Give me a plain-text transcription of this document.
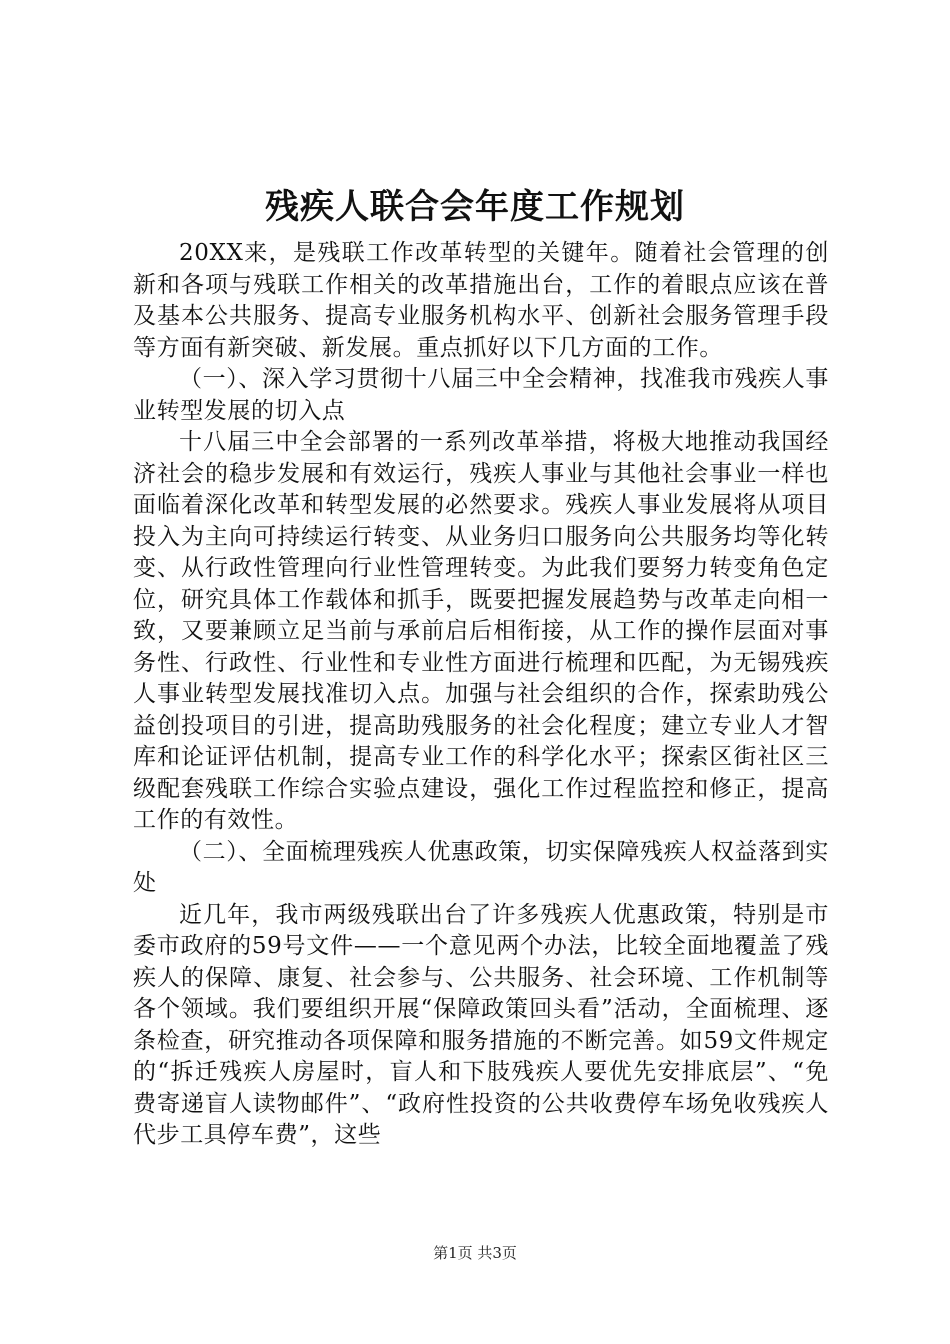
残疾人联合会年度工作规划

20XX来，是残联工作改革转型的关键年。随着社会管理的创新和各项与残联工作相关的改革措施出台，工作的着眼点应该在普及基本公共服务、提高专业服务机构水平、创新社会服务管理手段等方面有新突破、新发展。重点抓好以下几方面的工作。

（一）、深入学习贯彻十八届三中全会精神，找准我市残疾人事业转型发展的切入点

十八届三中全会部署的一系列改革举措，将极大地推动我国经济社会的稳步发展和有效运行，残疾人事业与其他社会事业一样也面临着深化改革和转型发展的必然要求。残疾人事业发展将从项目投入为主向可持续运行转变、从业务归口服务向公共服务均等化转变、从行政性管理向行业性管理转变。为此我们要努力转变角色定位，研究具体工作载体和抓手，既要把握发展趋势与改革走向相一致，又要兼顾立足当前与承前启后相衔接，从工作的操作层面对事务性、行政性、行业性和专业性方面进行梳理和匹配，为无锡残疾人事业转型发展找准切入点。加强与社会组织的合作，探索助残公益创投项目的引进，提高助残服务的社会化程度；建立专业人才智库和论证评估机制，提高专业工作的科学化水平；探索区街社区三级配套残联工作综合实验点建设，强化工作过程监控和修正，提高工作的有效性。

（二）、全面梳理残疾人优惠政策，切实保障残疾人权益落到实处

近几年，我市两级残联出台了许多残疾人优惠政策，特别是市委市政府的59号文件——一个意见两个办法，比较全面地覆盖了残疾人的保障、康复、社会参与、公共服务、社会环境、工作机制等各个领域。我们要组织开展“保障政策回头看”活动，全面梳理、逐条检查，研究推动各项保障和服务措施的不断完善。如59文件规定的“拆迁残疾人房屋时，盲人和下肢残疾人要优先安排底层”、“免费寄递盲人读物邮件”、“政府性投资的公共收费停车场免收残疾人代步工具停车费”，这些

第1页 共3页
